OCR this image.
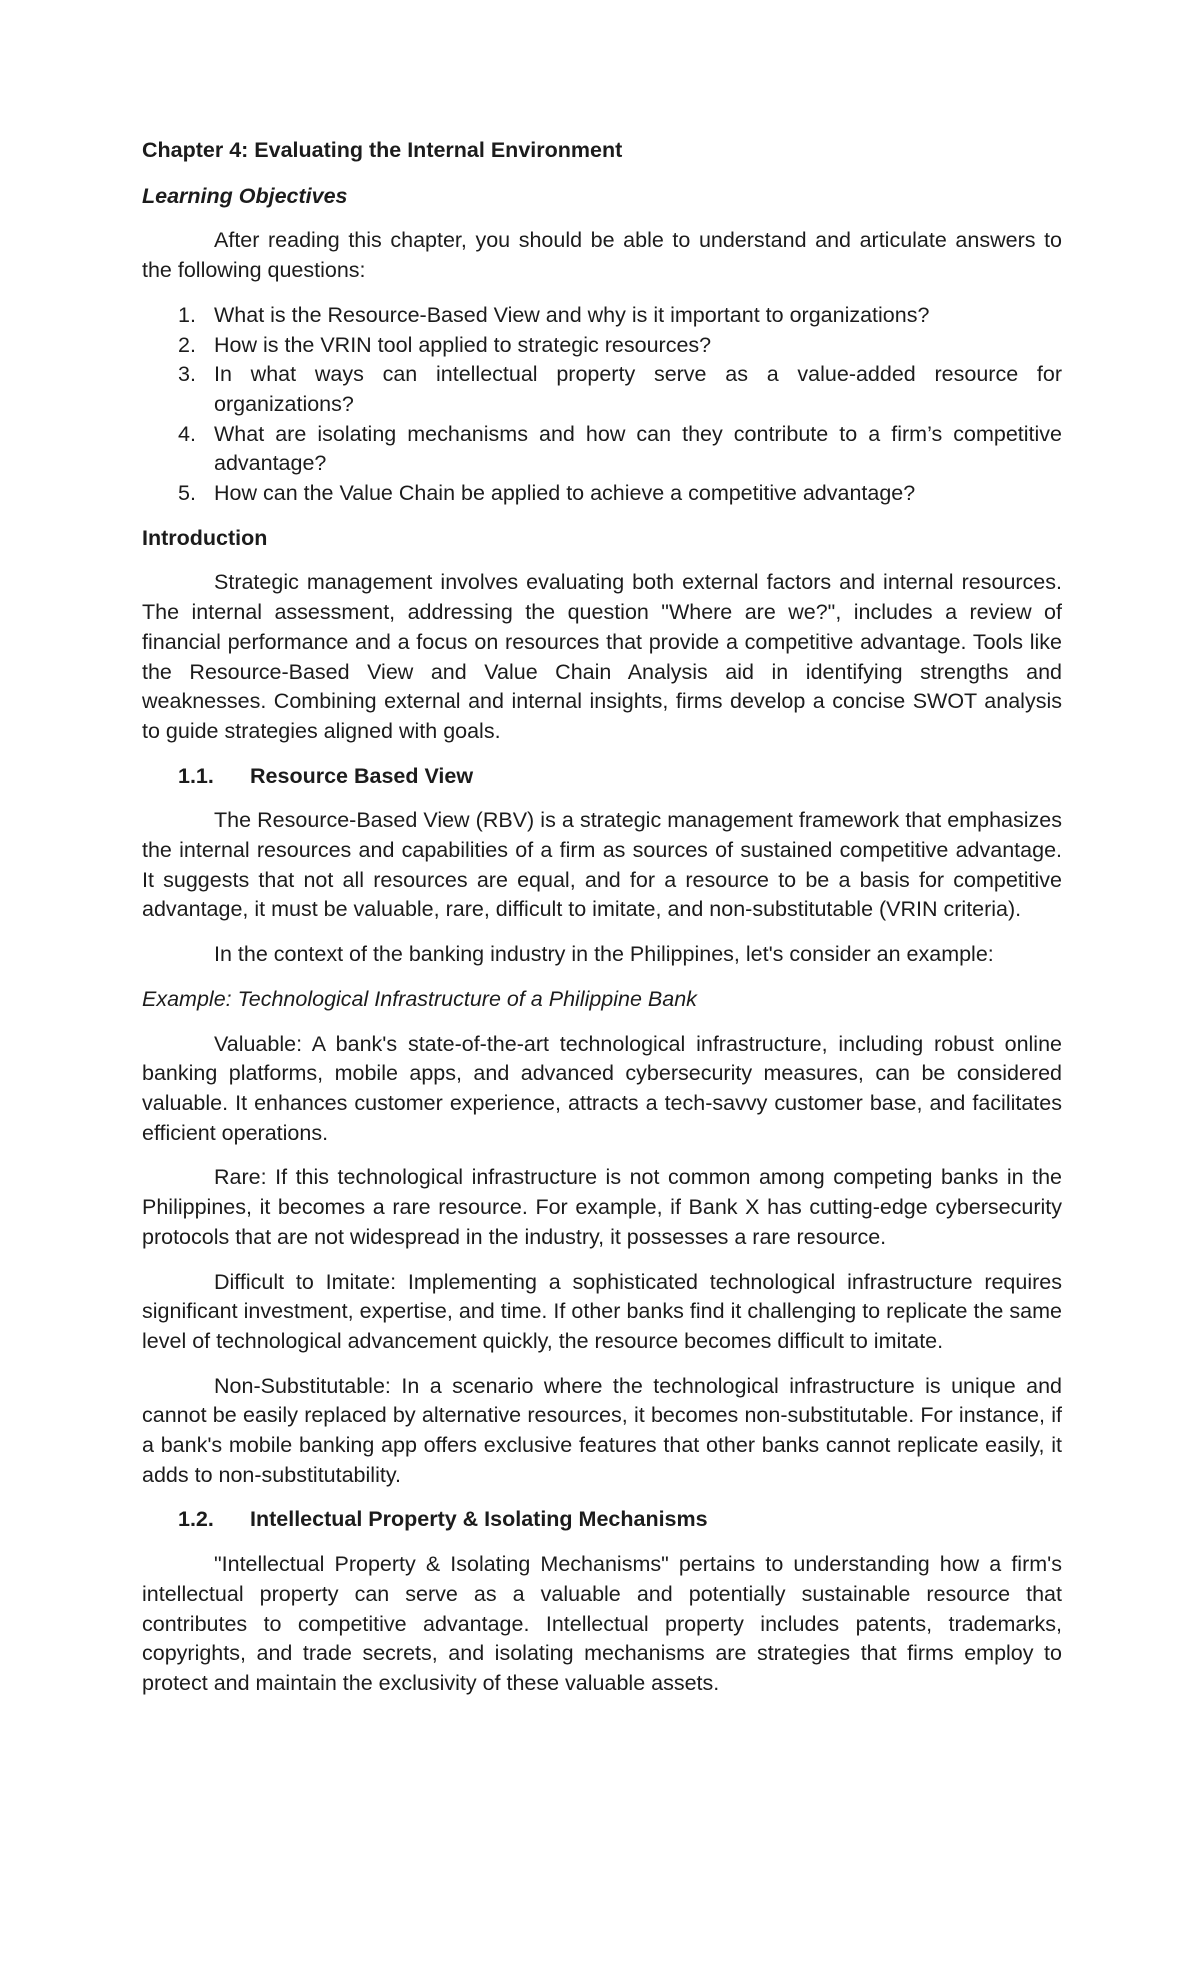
Chapter 4: Evaluating the Internal Environment

Learning Objectives

After reading this chapter, you should be able to understand and articulate answers to the following questions:

1. What is the Resource-Based View and why is it important to organizations?
2. How is the VRIN tool applied to strategic resources?
3. In what ways can intellectual property serve as a value-added resource for organizations?
4. What are isolating mechanisms and how can they contribute to a firm’s competitive advantage?
5. How can the Value Chain be applied to achieve a competitive advantage?

Introduction

Strategic management involves evaluating both external factors and internal resources. The internal assessment, addressing the question "Where are we?", includes a review of financial performance and a focus on resources that provide a competitive advantage. Tools like the Resource-Based View and Value Chain Analysis aid in identifying strengths and weaknesses. Combining external and internal insights, firms develop a concise SWOT analysis to guide strategies aligned with goals.

1.1. Resource Based View

The Resource-Based View (RBV) is a strategic management framework that emphasizes the internal resources and capabilities of a firm as sources of sustained competitive advantage. It suggests that not all resources are equal, and for a resource to be a basis for competitive advantage, it must be valuable, rare, difficult to imitate, and non-substitutable (VRIN criteria).

In the context of the banking industry in the Philippines, let's consider an example:

Example: Technological Infrastructure of a Philippine Bank

Valuable: A bank's state-of-the-art technological infrastructure, including robust online banking platforms, mobile apps, and advanced cybersecurity measures, can be considered valuable. It enhances customer experience, attracts a tech-savvy customer base, and facilitates efficient operations.

Rare: If this technological infrastructure is not common among competing banks in the Philippines, it becomes a rare resource. For example, if Bank X has cutting-edge cybersecurity protocols that are not widespread in the industry, it possesses a rare resource.

Difficult to Imitate: Implementing a sophisticated technological infrastructure requires significant investment, expertise, and time. If other banks find it challenging to replicate the same level of technological advancement quickly, the resource becomes difficult to imitate.

Non-Substitutable: In a scenario where the technological infrastructure is unique and cannot be easily replaced by alternative resources, it becomes non-substitutable. For instance, if a bank's mobile banking app offers exclusive features that other banks cannot replicate easily, it adds to non-substitutability.

1.2. Intellectual Property & Isolating Mechanisms

"Intellectual Property & Isolating Mechanisms" pertains to understanding how a firm's intellectual property can serve as a valuable and potentially sustainable resource that contributes to competitive advantage. Intellectual property includes patents, trademarks, copyrights, and trade secrets, and isolating mechanisms are strategies that firms employ to protect and maintain the exclusivity of these valuable assets.
